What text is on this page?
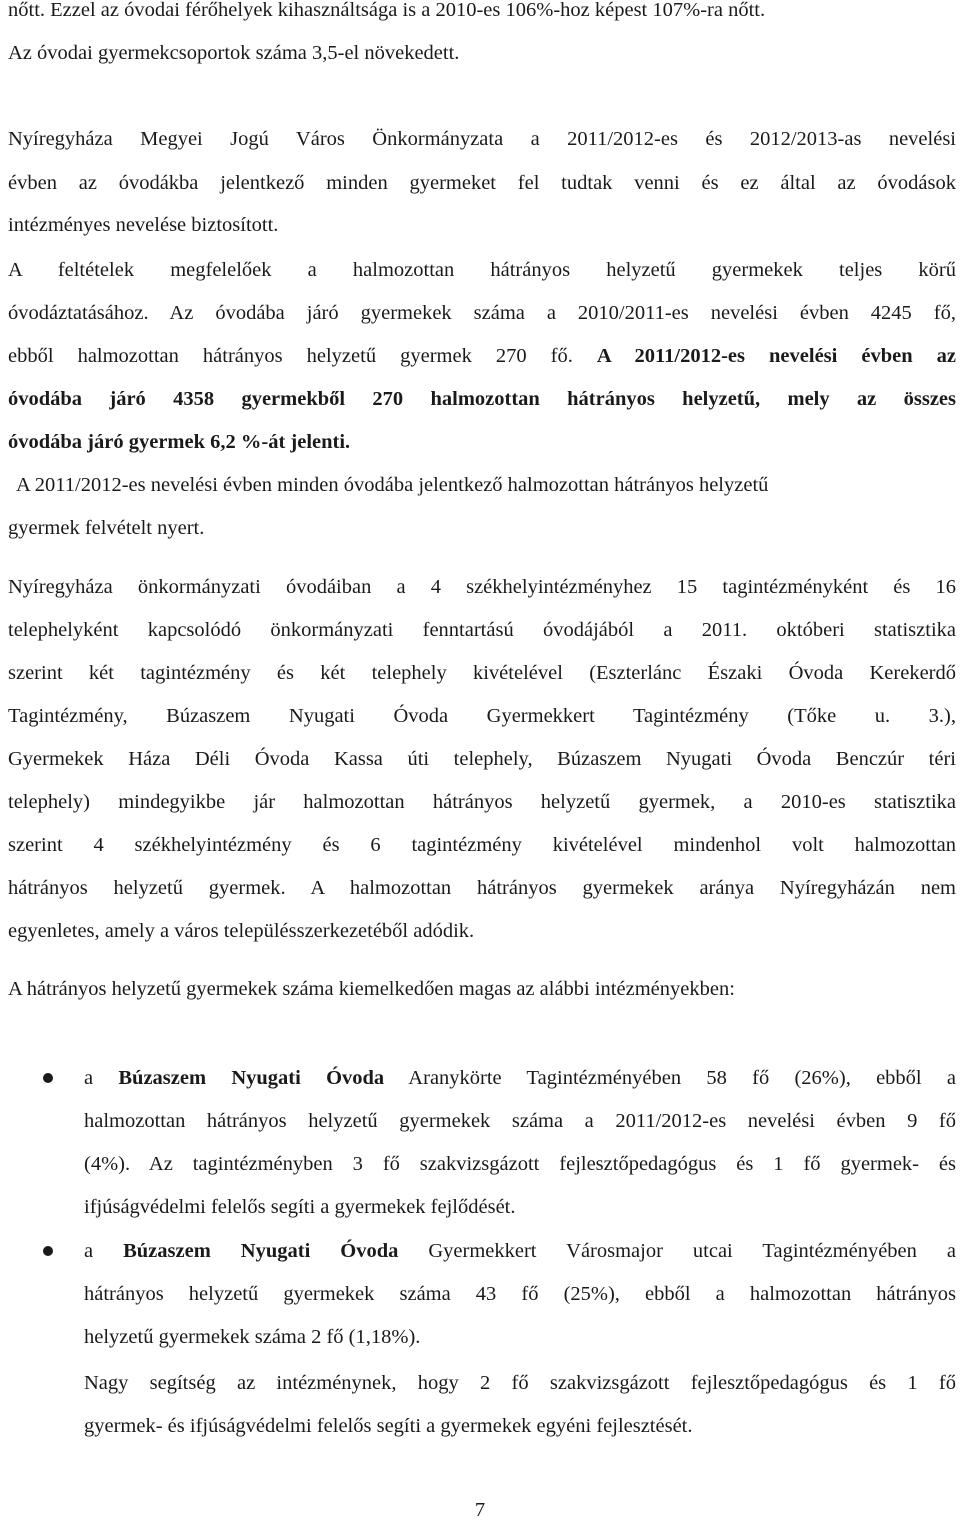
nőtt. Ezzel az óvodai férőhelyek kihasználtsága is a 2010-es 106%-hoz képest 107%-ra nőtt.
Az óvodai gyermekcsoportok száma 3,5-el növekedett.
Nyíregyháza Megyei Jogú Város Önkormányzata a 2011/2012-es és 2012/2013-as nevelési
évben az óvodákba jelentkező minden gyermeket fel tudtak venni és ez által az óvodások
intézményes nevelése biztosított.
A feltételek megfelelőek a halmozottan hátrányos helyzetű gyermekek teljes körű
óvodáztatásához. Az óvodába járó gyermekek száma a 2010/2011-es nevelési évben 4245 fő,
ebből halmozottan hátrányos helyzetű gyermek 270 fő. A 2011/2012-es nevelési évben az
óvodába járó 4358 gyermekből 270 halmozottan hátrányos helyzetű, mely az összes
óvodába járó gyermek 6,2 %-át jelenti.
A 2011/2012-es nevelési évben minden óvodába jelentkező halmozottan hátrányos helyzetű
gyermek felvételt nyert.
Nyíregyháza önkormányzati óvodáiban a 4 székhelyintézményhez 15 tagintézményként és 16
telephelyként kapcsolódó önkormányzati fenntartású óvodájából a 2011. októberi statisztika
szerint két tagintézmény és két telephely kivételével (Eszterlánc Északi Óvoda Kerekerdő
Tagintézmény, Búzaszem Nyugati Óvoda Gyermekkert Tagintézmény (Tőke u. 3.),
Gyermekek Háza Déli Óvoda Kassa úti telephely, Búzaszem Nyugati Óvoda Benczúr téri
telephely) mindegyikbe jár halmozottan hátrányos helyzetű gyermek, a 2010-es statisztika
szerint 4 székhelyintézmény és 6 tagintézmény kivételével mindenhol volt halmozottan
hátrányos helyzetű gyermek. A halmozottan hátrányos gyermekek aránya Nyíregyházán nem
egyenletes, amely a város településszerkezetéből adódik.
A hátrányos helyzetű gyermekek száma kiemelkedően magas az alábbi intézményekben:
a Búzaszem Nyugati Óvoda Aranykörte Tagintézményében 58 fő (26%), ebből a
halmozottan hátrányos helyzetű gyermekek száma a 2011/2012-es nevelési évben 9 fő
(4%). Az tagintézményben 3 fő szakvizsgázott fejlesztőpedagógus és 1 fő gyermek- és
ifjúságvédelmi felelős segíti a gyermekek fejlődését.
a Búzaszem Nyugati Óvoda Gyermekkert Városmajor utcai Tagintézményében a
hátrányos helyzetű gyermekek száma 43 fő (25%), ebből a halmozottan hátrányos
helyzetű gyermekek száma 2 fő (1,18%).
Nagy segítség az intézménynek, hogy 2 fő szakvizsgázott fejlesztőpedagógus és 1 fő
gyermek- és ifjúságvédelmi felelős segíti a gyermekek egyéni fejlesztését.
7
